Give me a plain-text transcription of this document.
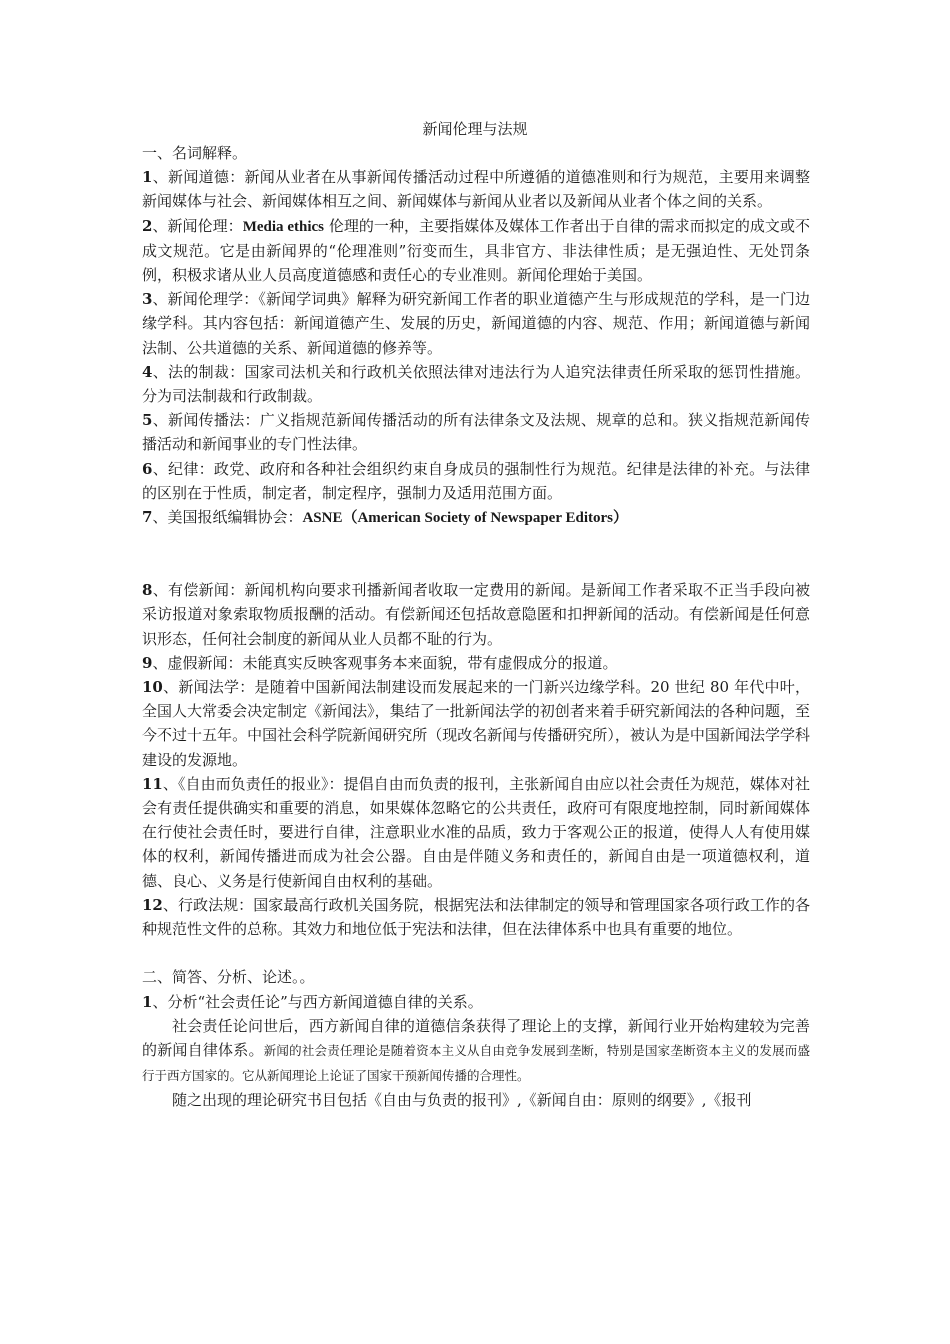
新闻伦理与法规

一、名词解释。

1、新闻道德：新闻从业者在从事新闻传播活动过程中所遵循的道德准则和行为规范，主要用来调整新闻媒体与社会、新闻媒体相互之间、新闻媒体与新闻从业者以及新闻从业者个体之间的关系。

2、新闻伦理：Media ethics 伦理的一种，主要指媒体及媒体工作者出于自律的需求而拟定的成文或不成文规范。它是由新闻界的“伦理准则”衍变而生，具非官方、非法律性质；是无强迫性、无处罚条例，积极求诸从业人员高度道德感和责任心的专业准则。新闻伦理始于美国。

3、新闻伦理学：《新闻学词典》解释为研究新闻工作者的职业道德产生与形成规范的学科，是一门边缘学科。其内容包括：新闻道德产生、发展的历史，新闻道德的内容、规范、作用；新闻道德与新闻法制、公共道德的关系、新闻道德的修养等。

4、法的制裁：国家司法机关和行政机关依照法律对违法行为人追究法律责任所采取的惩罚性措施。分为司法制裁和行政制裁。

5、新闻传播法：广义指规范新闻传播活动的所有法律条文及法规、规章的总和。狭义指规范新闻传播活动和新闻事业的专门性法律。

6、纪律：政党、政府和各种社会组织约束自身成员的强制性行为规范。纪律是法律的补充。与法律的区别在于性质，制定者，制定程序，强制力及适用范围方面。

7、美国报纸编辑协会：ASNE（American Society of Newspaper Editors）

8、有偿新闻：新闻机构向要求刊播新闻者收取一定费用的新闻。是新闻工作者采取不正当手段向被采访报道对象索取物质报酬的活动。有偿新闻还包括故意隐匿和扣押新闻的活动。有偿新闻是任何意识形态，任何社会制度的新闻从业人员都不耻的行为。

9、虚假新闻：未能真实反映客观事务本来面貌，带有虚假成分的报道。

10、新闻法学：是随着中国新闻法制建设而发展起来的一门新兴边缘学科。20 世纪 80 年代中叶，全国人大常委会决定制定《新闻法》，集结了一批新闻法学的初创者来着手研究新闻法的各种问题，至今不过十五年。中国社会科学院新闻研究所（现改名新闻与传播研究所），被认为是中国新闻法学学科建设的发源地。

11、《自由而负责任的报业》：提倡自由而负责的报刊，主张新闻自由应以社会责任为规范，媒体对社会有责任提供确实和重要的消息，如果媒体忽略它的公共责任，政府可有限度地控制，同时新闻媒体在行使社会责任时，要进行自律，注意职业水准的品质，致力于客观公正的报道，使得人人有使用媒体的权利，新闻传播进而成为社会公器。自由是伴随义务和责任的，新闻自由是一项道德权利，道德、良心、义务是行使新闻自由权利的基础。

12、行政法规：国家最高行政机关国务院，根据宪法和法律制定的领导和管理国家各项行政工作的各种规范性文件的总称。其效力和地位低于宪法和法律，但在法律体系中也具有重要的地位。

二、简答、分析、论述。。

1、分析“社会责任论”与西方新闻道德自律的关系。

社会责任论问世后，西方新闻自律的道德信条获得了理论上的支撑，新闻行业开始构建较为完善的新闻自律体系。新闻的社会责任理论是随着资本主义从自由竞争发展到垄断，特别是国家垄断资本主义的发展而盛行于西方国家的。它从新闻理论上论证了国家干预新闻传播的合理性。

随之出现的理论研究书目包括《自由与负责的报刊》,《新闻自由：原则的纲要》,《报刊
